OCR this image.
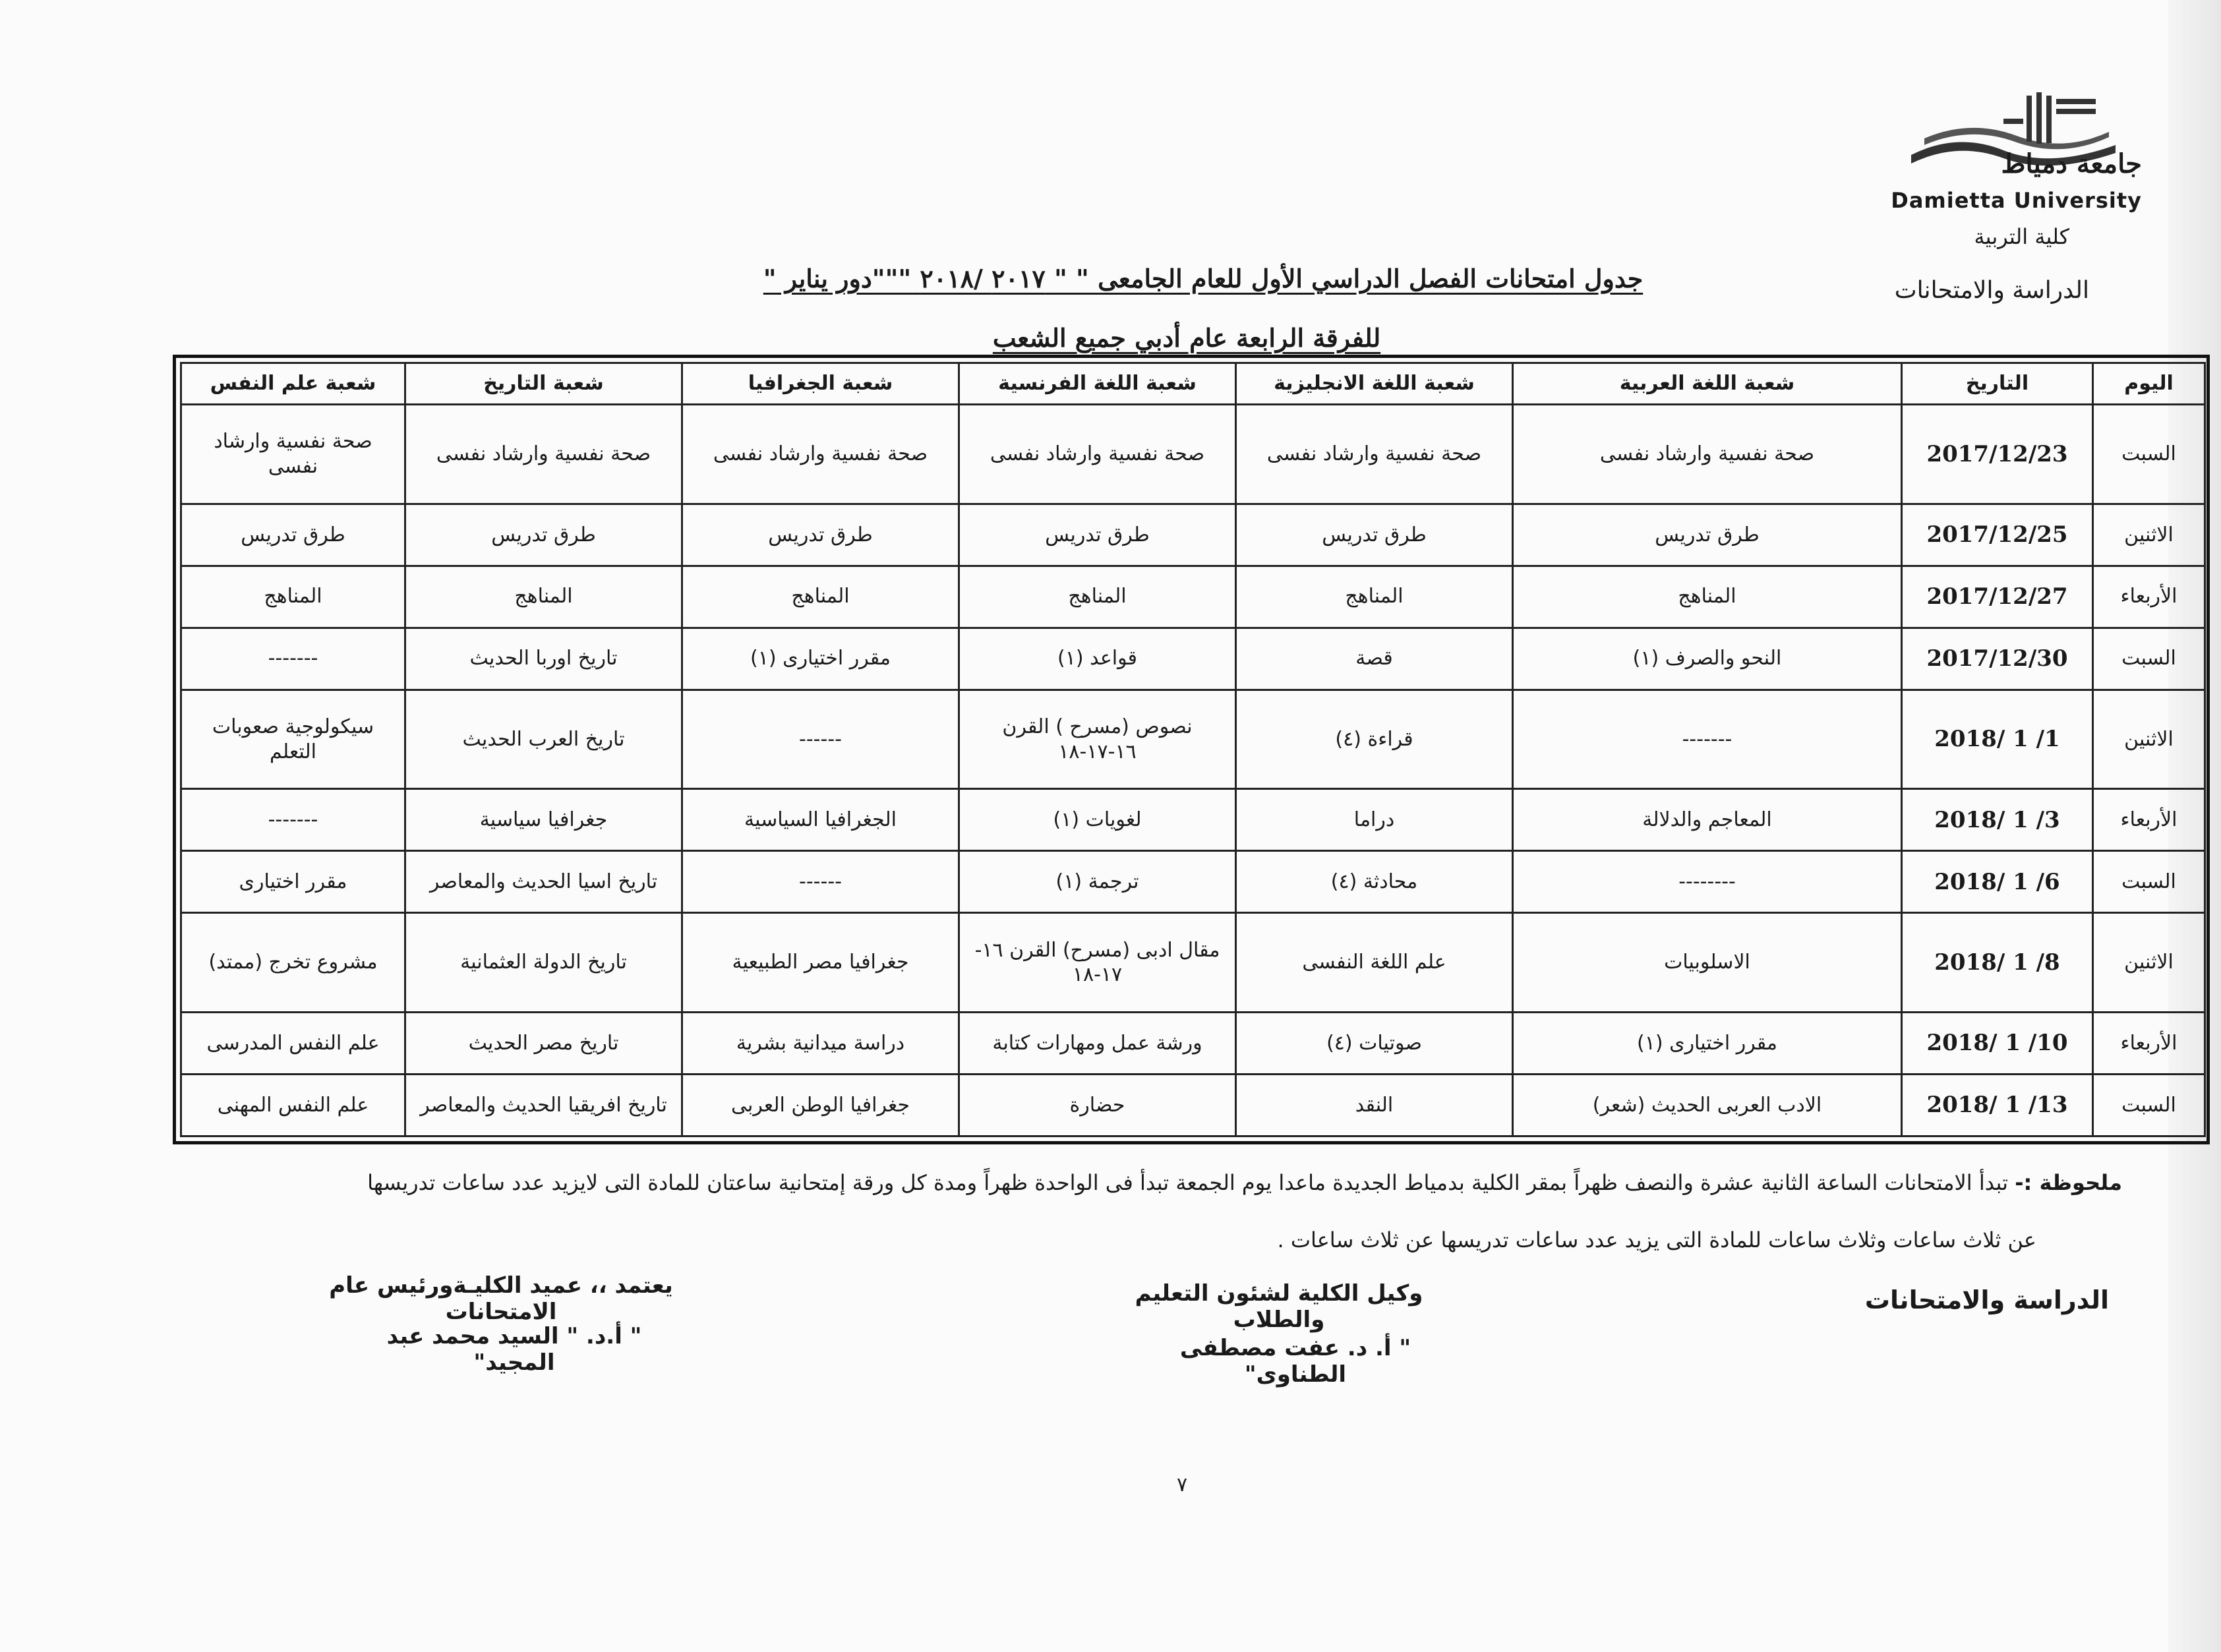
جامعة دمياط
Damietta University
كلية التربية
الدراسة والامتحانات
جدول امتحانات الفصل الدراسي الأول للعام الجامعى " " ٢٠١٧ /٢٠١٨ """دور يناير "
للفرقة الرابعة عام أدبي جميع الشعب
اليوم	التاريخ	شعبة اللغة العربية	شعبة اللغة الانجليزية	شعبة اللغة الفرنسية	شعبة الجغرافيا	شعبة التاريخ	شعبة علم النفس
السبت	2017/12/23	صحة نفسية وارشاد نفسى	صحة نفسية وارشاد نفسى	صحة نفسية وارشاد نفسى	صحة نفسية وارشاد نفسى	صحة نفسية وارشاد نفسى	صحة نفسية وارشاد نفسى
الاثنين	2017/12/25	طرق تدريس	طرق تدريس	طرق تدريس	طرق تدريس	طرق تدريس	طرق تدريس
الأربعاء	2017/12/27	المناهج	المناهج	المناهج	المناهج	المناهج	المناهج
السبت	2017/12/30	النحو والصرف (١)	قصة	قواعد (١)	مقرر اختيارى (١)	تاريخ اوربا الحديث	-------
الاثنين	2018/ 1 /1	-------	قراءة (٤)	نصوص (مسرح ) القرن ١٦-١٧-١٨	------	تاريخ العرب الحديث	سيكولوجية صعوبات التعلم
الأربعاء	2018/ 1 /3	المعاجم والدلالة	دراما	لغويات (١)	الجغرافيا السياسية	جغرافيا سياسية	-------
السبت	2018/ 1 /6	--------	محادثة (٤)	ترجمة (١)	------	تاريخ اسيا الحديث والمعاصر	مقرر اختيارى
الاثنين	2018/ 1 /8	الاسلوبيات	علم اللغة النفسى	مقال ادبى (مسرح) القرن ١٦- ١٧-١٨	جغرافيا مصر الطبيعية	تاريخ الدولة العثمانية	مشروع تخرج (ممتد)
الأربعاء	2018/ 1 /10	مقرر اختيارى (١)	صوتيات (٤)	ورشة عمل ومهارات كتابة	دراسة ميدانية بشرية	تاريخ مصر الحديث	علم النفس المدرسى
السبت	2018/ 1 /13	الادب العربى الحديث (شعر)	النقد	حضارة	جغرافيا الوطن العربى	تاريخ افريقيا الحديث والمعاصر	علم النفس المهنى
ملحوظة :- تبدأ الامتحانات الساعة الثانية عشرة والنصف ظهراً بمقر الكلية بدمياط الجديدة ماعدا يوم الجمعة تبدأ فى الواحدة ظهراً ومدة كل ورقة إمتحانية ساعتان للمادة التى لايزيد عدد ساعات تدريسها
عن ثلاث ساعات وثلاث ساعات للمادة التى يزيد عدد ساعات تدريسها عن ثلاث ساعات .
الدراسة والامتحانات
وكيل الكلية لشئون التعليم والطلاب
" أ. د. عفت مصطفى الطناوى"
يعتمد ،، عميد الكليـةورئيس عام الامتحانات
" أ.د. " السيد محمد عبد المجيد"
٧
